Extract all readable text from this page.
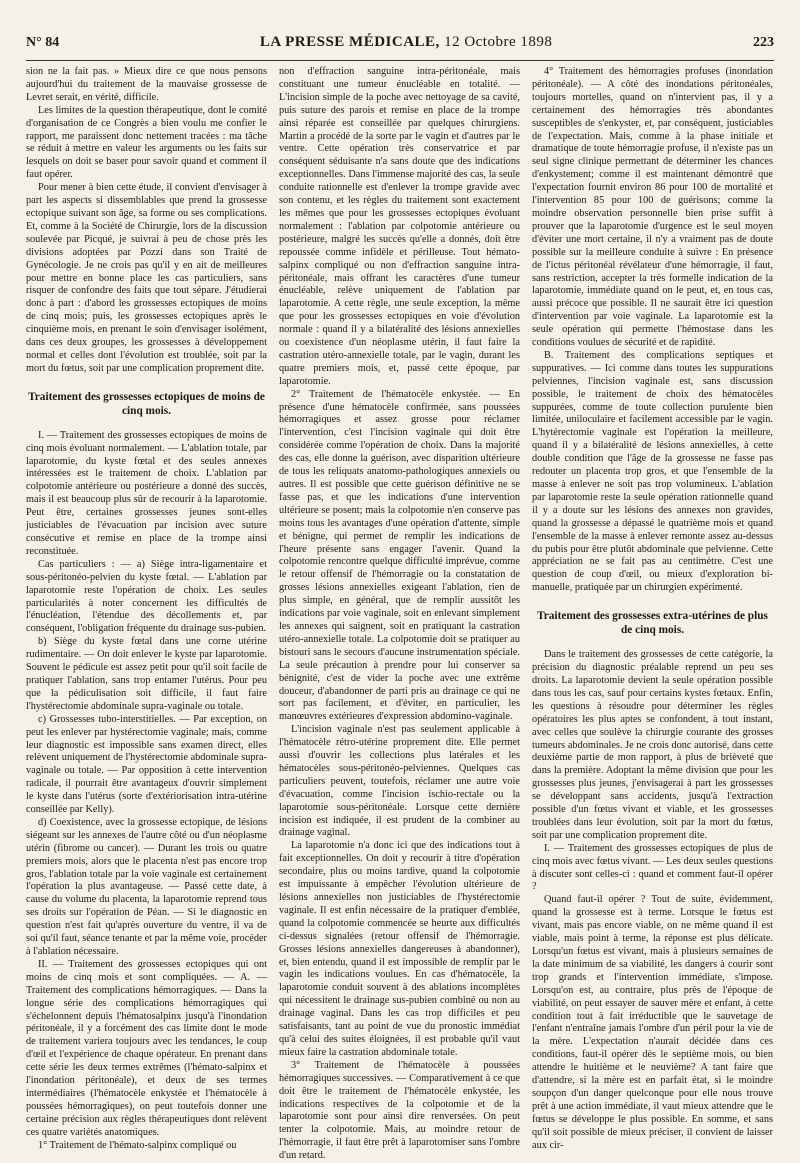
N° 84	LA PRESSE MÉDICALE, 12 Octobre 1898	223

sion ne la fait pas. » Mieux dire ce que nous pensons aujourd'hui du traitement de la mauvaise grossesse de Levret serait, en vérité, difficile.

Les limites de la question thérapeutique, dont le comité d'organisation de ce Congrès a bien voulu me confier le rapport, me paraissent donc nettement tracées : ma tâche se réduit à mettre en valeur les arguments ou les faits sur lesquels on doit se baser pour savoir quand et comment il faut opérer.

Pour mener à bien cette étude, il convient d'envisager à part les aspects si dissemblables que prend la grossesse ectopique suivant son âge, sa forme ou ses complications. Et, comme à la Société de Chirurgie, lors de la discussion soulevée par Picqué, je suivrai à peu de chose près les divisions adoptées par Pozzi dans son Traité de Gynécologie. Je ne crois pas qu'il y en ait de meilleures pour mettre en bonne place les cas particuliers, sans risquer de confondre des faits que tout sépare. J'étudierai donc à part : d'abord les grossesses ectopiques de moins de cinq mois; puis, les grossesses ectopiques après le cinquième mois, en prenant le soin d'envisager isolément, dans ces deux groupes, les grossesses à développement normal et celles dont l'évolution est troublée, soit par la mort du fœtus, soit par une complication proprement dite.

Traitement des grossesses ectopiques de moins de cinq mois.

I. — Traitement des grossesses ectopiques de moins de cinq mois évoluant normalement. — L'ablation totale, par laparotomie, du kyste fœtal et des seules annexes intéressées est le traitement de choix. L'ablation par colpotomie antérieure ou postérieure a donné des succès, mais il est beaucoup plus sûr de recourir à la laparotomie. Peut être, certaines grossesses jeunes sont-elles justiciables de l'évacuation par incision avec suture consécutive et remise en place de la trompe ainsi reconstituée.

Cas particuliers : — a) Siège intra-ligamentaire et sous-péritonéo-pelvien du kyste fœtal. — L'ablation par laparotomie reste l'opération de choix. Les seules particularités à noter concernent les difficultés de l'énucléation, l'étendue des décollements et, par conséquent, l'obligation fréquente du drainage sus-pubien.

b) Siège du kyste fœtal dans une corne utérine rudimentaire. — On doit enlever le kyste par laparotomie. Souvent le pédicule est assez petit pour qu'il soit facile de pratiquer l'ablation, sans trop entamer l'utérus. Pour peu que la pédiculisation soit difficile, il faut faire l'hystérectomie abdominale supra-vaginale ou totale.

c) Grossesses tubo-interstitielles. — Par exception, on peut les enlever par hystérectomie vaginale; mais, comme leur diagnostic est impossible sans examen direct, elles relèvent uniquement de l'hystérectomie abdominale supra-vaginale ou totale. — Par opposition à cette intervention radicale, il pourrait être avantageux d'ouvrir simplement le kyste dans l'utérus (sorte d'extériorisation intra-utérine conseillée par Kelly).

d) Coexistence, avec la grossesse ectopique, de lésions siégeant sur les annexes de l'autre côté ou d'un néoplasme utérin (fibrome ou cancer). — Durant les trois ou quatre premiers mois, alors que le placenta n'est pas encore trop gros, l'ablation totale par la voie vaginale est certainement l'opération la plus avantageuse. — Passé cette date, à cause du volume du placenta, la laparotomie reprend tous ses droits sur l'opération de Péan. — Si le diagnostic en question n'est fait qu'après ouverture du ventre, il va de soi qu'il faut, séance tenante et par la même voie, procéder à l'ablation nécessaire.

II. — Traitement des grossesses ectopiques qui ont moins de cinq mois et sont compliquées. — A. — Traitement des complications hémorragiques. — Dans la longue série des complications hémorragiques qui s'échelonnent depuis l'hématosalpinx jusqu'à l'inondation péritonéale, il y a forcément des cas limite dont le mode de traitement variera toujours avec les tendances, le coup d'œil et l'expérience de chaque opérateur. En prenant dans cette série les deux termes extrêmes (l'hémato-salpinx et l'inondation péritonéale), et deux de ses termes intermédiaires (l'hématocèle enkystée et l'hématocèle à poussées hémorragiques), on peut toutefois donner une certaine précision aux règles thérapeutiques dont relèvent ces quatre variétés anatomiques.

1° Traitement de l'hémato-salpinx compliqué ou

non d'effraction sanguine intra-péritonéale, mais constituant une tumeur énucléable en totalité. — L'incision simple de la poche avec nettoyage de sa cavité, puis suture des parois et remise en place de la trompe ainsi réparée est conseillée par quelques chirurgiens. Martin a procédé de la sorte par le vagin et d'autres par le ventre. Cette opération très conservatrice et par conséquent séduisante n'a sans doute que des indications exceptionnelles. Dans l'immense majorité des cas, la seule conduite rationnelle est d'enlever la trompe gravide avec son contenu, et les règles du traitement sont exactement les mêmes que pour les grossesses ectopiques évoluant normalement : l'ablation par colpotomie antérieure ou postérieure, malgré les succès qu'elle a donnés, doit être repoussée comme infidèle et périlleuse. Tout hémato-salpinx compliqué ou non d'effraction sanguine intra-péritonéale, mais offrant les caractères d'une tumeur énucléable, relève uniquement de l'ablation par laparotomie. A cette règle, une seule exception, la même que pour les grossesses ectopiques en voie d'évolution normale : quand il y a bilatéralité des lésions annexielles ou coexistence d'un néoplasme utérin, il faut faire la castration utéro-annexielle totale, par le vagin, durant les quatre premiers mois, et, passé cette époque, par laparotomie.

2° Traitement de l'hématocèle enkystée. — En présence d'une hématocèle confirmée, sans poussées hémorragiques et assez grosse pour réclamer l'intervention, c'est l'incision vaginale qui doit être considérée comme l'opération de choix. Dans la majorité des cas, elle donne la guérison, avec disparition ultérieure de tous les reliquats anatomo-pathologiques annexiels ou autres. Il est possible que cette guérison définitive ne se fasse pas, et que les indications d'une intervention ultérieure se posent; mais la colpotomie n'en conserve pas moins tous les avantages d'une opération d'attente, simple et bénigne, qui permet de remplir les indications de l'heure présente sans engager l'avenir. Quand la colpotomie rencontre quelque difficulté imprévue, comme le retour offensif de l'hémorragie ou la constatation de grosses lésions annexielles exigeant l'ablation, rien de plus simple, en général, que de remplir aussitôt les indications par voie vaginale, soit en enlevant simplement les annexes qui saignent, soit en pratiquant la castration utéro-annexielle totale. La colpotomie doit se pratiquer au bistouri sans le secours d'aucune instrumentation spéciale. La seule précaution à prendre pour lui conserver sa bénignité, c'est de vider la poche avec une extrême douceur, d'abandonner de parti pris au drainage ce qui ne sort pas facilement, et d'éviter, en particulier, les manœuvres extérieures d'expression abdomino-vaginale.

L'incision vaginale n'est pas seulement applicable à l'hématocèle rétro-utérine proprement dite. Elle permet aussi d'ouvrir les collections plus latérales et les hématocèles sous-péritonéo-pelviennes. Quelques cas particuliers peuvent, toutefois, réclamer une autre voie d'évacuation, comme l'incision ischio-rectale ou la laparotomie sous-péritonéale. Lorsque cette dernière incision est indiquée, il est prudent de la combiner au drainage vaginal.

La laparotomie n'a donc ici que des indications tout à fait exceptionnelles. On doit y recourir à titre d'opération secondaire, plus ou moins tardive, quand la colpotomie est impuissante à empêcher l'évolution ultérieure de lésions annexielles non justiciables de l'hystérectomie vaginale. Il est enfin nécessaire de la pratiquer d'emblée, quand la colpotomie commencée se heurte aux difficultés ci-dessus signalées (retour offensif de l'hémorragie. Grosses lésions annexielles dangereuses à abandonner), et, bien entendu, quand il est impossible de remplir par le vagin les indications voulues. En cas d'hématocèle, la laparotomie conduit souvent à des ablations incomplètes qui nécessitent le drainage sus-pubien combiné ou non au drainage vaginal. Dans les cas trop difficiles et peu satisfaisants, tant au point de vue du pronostic immédiat qu'à celui des suites éloignées, il est probable qu'il vaut mieux faire la castration abdominale totale.

3° Traitement de l'hématocèle à poussées hémorragiques successives. — Comparativement à ce que doit être le traitement de l'hématocèle enkystée, les indications respectives de la colpotomie et de la laparotomie sont pour ainsi dire renversées. On peut tenter la colpotomie. Mais, au moindre retour de l'hémorragie, il faut être prêt à laparotomiser sans l'ombre d'un retard.

4° Traitement des hémorragies profuses (inondation péritonéale). — A côté des inondations péritonéales, toujours mortelles, quand on n'intervient pas, il y a certainement des hémorragies très abondantes susceptibles de s'enkyster, et, par conséquent, justiciables de l'expectation. Mais, comme à la phase initiale et dramatique de toute hémorragie profuse, il n'existe pas un seul signe clinique permettant de déterminer les chances d'enkystement; comme il est maintenant démontré que l'expectation fournit environ 86 pour 100 de mortalité et l'intervention 85 pour 100 de guérisons; comme la moindre observation personnelle bien prise suffit à prouver que la laparotomie d'urgence est le seul moyen d'éviter une mort certaine, il n'y a vraiment pas de doute possible sur la meilleure conduite à suivre : En présence de l'ictus péritonéal révélateur d'une hémorragie, il faut, sans restriction, accepter la très formelle indication de la laparotomie, immédiate quand on le peut, et, en tous cas, aussi précoce que possible. Il ne saurait être ici question d'intervention par voie vaginale. La laparotomie est la seule opération qui permette l'hémostase dans les conditions voulues de sécurité et de rapidité.

B. Traitement des complications septiques et suppuratives. — Ici comme dans toutes les suppurations pelviennes, l'incision vaginale est, sans discussion possible, le traitement de choix des hématocèles suppurées, comme de toute collection purulente bien limitée, uniloculaire et facilement accessible par le vagin. L'hytérectomie vaginale est l'opération la meilleure, quand il y a bilatéralité de lésions annexielles, à cette double condition que l'âge de la grossesse ne fasse pas redouter un placenta trop gros, et que l'ensemble de la masse à enlever ne soit pas trop volumineux. L'ablation par laparotomie reste la seule opération rationnelle quand il y a doute sur les lésions des annexes non gravides, quand la grossesse a dépassé le quatrième mois et quand l'ensemble de la masse à enlever remonte assez au-dessus du pubis pour être plutôt abdominale que pelvienne. Cette appréciation ne se fait pas au centimètre. C'est une question de coup d'œil, ou mieux d'exploration bi-manuelle, pratiquée par un chirurgien expérimenté.

Traitement des grossesses extra-utérines de plus de cinq mois.

Dans le traitement des grossesses de cette catégorie, la précision du diagnostic préalable reprend un peu ses droits. La laparotomie devient la seule opération possible dans tous les cas, sauf pour certains kystes fœtaux. Enfin, les questions à résoudre pour déterminer les règles opératoires les plus aptes se confondent, à tout instant, avec celles que soulève la chirurgie courante des grosses tumeurs abdominales. Je ne crois donc autorisé, dans cette deuxième partie de mon rapport, à plus de brièveté que dans la première. Adoptant la même division que pour les grossesses plus jeunes, j'envisagerai à part les grossesses se développant sans accidents, jusqu'à l'extraction possible d'un fœtus vivant et viable, et les grossesses troublées dans leur évolution, soit par la mort du fœtus, soit par une complication proprement dite.

I. — Traitement des grossesses ectopiques de plus de cinq mois avec fœtus vivant. — Les deux seules questions à discuter sont celles-ci : quand et comment faut-il opérer ?

Quand faut-il opérer ? Tout de suite, évidemment, quand la grossesse est à terme. Lorsque le fœtus est vivant, mais pas encore viable, on ne même quand il est viable, mais point à terme, la réponse est plus délicate. Lorsqu'un fœtus est vivant, mais à plusieurs semaines de la date minimum de sa viabilité, les dangers à courir sont trop grands et l'intervention immédiate, s'impose. Lorsqu'on est, au contraire, plus près de l'époque de viabilité, on peut essayer de sauver mère et enfant, à cette condition tout à fait irréductible que le sauvetage de l'enfant n'entraîne jamais l'ombre d'un péril pour la vie de la mère. L'expectation n'aurait décidée dans ces conditions, faut-il opérer dès le septième mois, ou bien attendre le huitième et le neuvième? A tant faire que d'attendre, si la mère est en parfait état, si le moindre soupçon d'un danger quelconque pour elle nous trouve prêt à une action immédiate, il vaut mieux attendre que le fœtus se développe le plus possible. En somme, et sans qu'il soit possible de mieux préciser, il convient de laisser aux cir-
